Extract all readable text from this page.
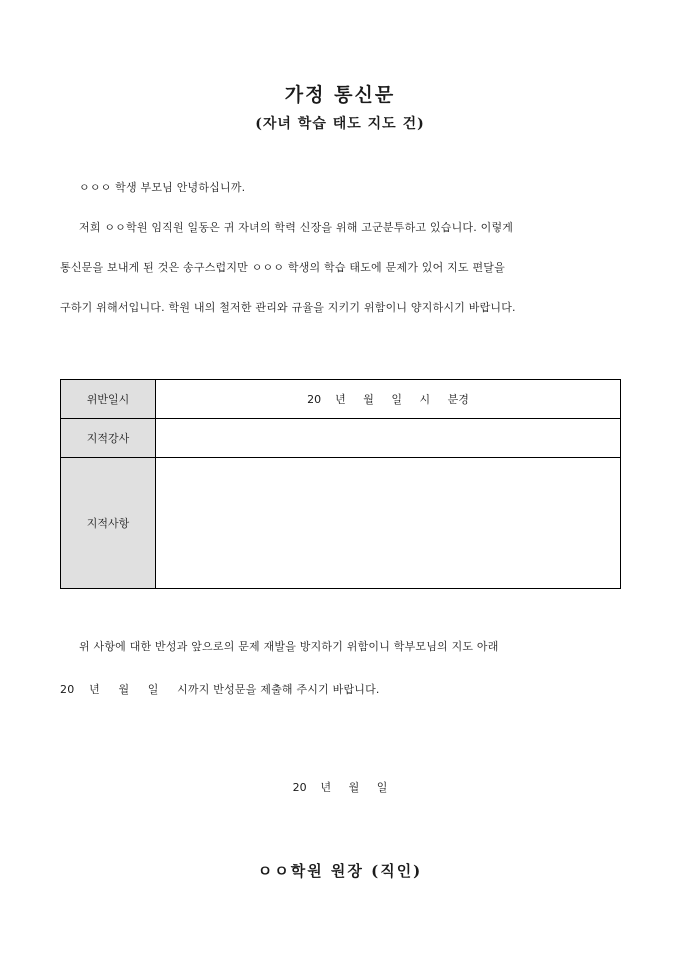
가정 통신문
(자녀 학습 태도 지도 건)
ㅇㅇㅇ 학생 부모님 안녕하십니까.
저희 ㅇㅇ학원 임직원 일동은 귀 자녀의 학력 신장을 위해 고군분투하고 있습니다. 이렇게
통신문을 보내게 된 것은 송구스럽지만 ㅇㅇㅇ 학생의 학습 태도에 문제가 있어 지도 편달을
구하기 위해서입니다. 학원 내의 철저한 관리와 규율을 지키기 위함이니 양지하시기 바랍니다.
위반일시	20    년     월     일     시     분경
지적강사	
지적사항	
위 사항에 대한 반성과 앞으로의 문제 재발을 방지하기 위함이니 학부모님의 지도 아래
20    년     월     일     시까지 반성문을 제출해 주시기 바랍니다.
20    년     월     일
ㅇㅇ학원 원장 (직인)
